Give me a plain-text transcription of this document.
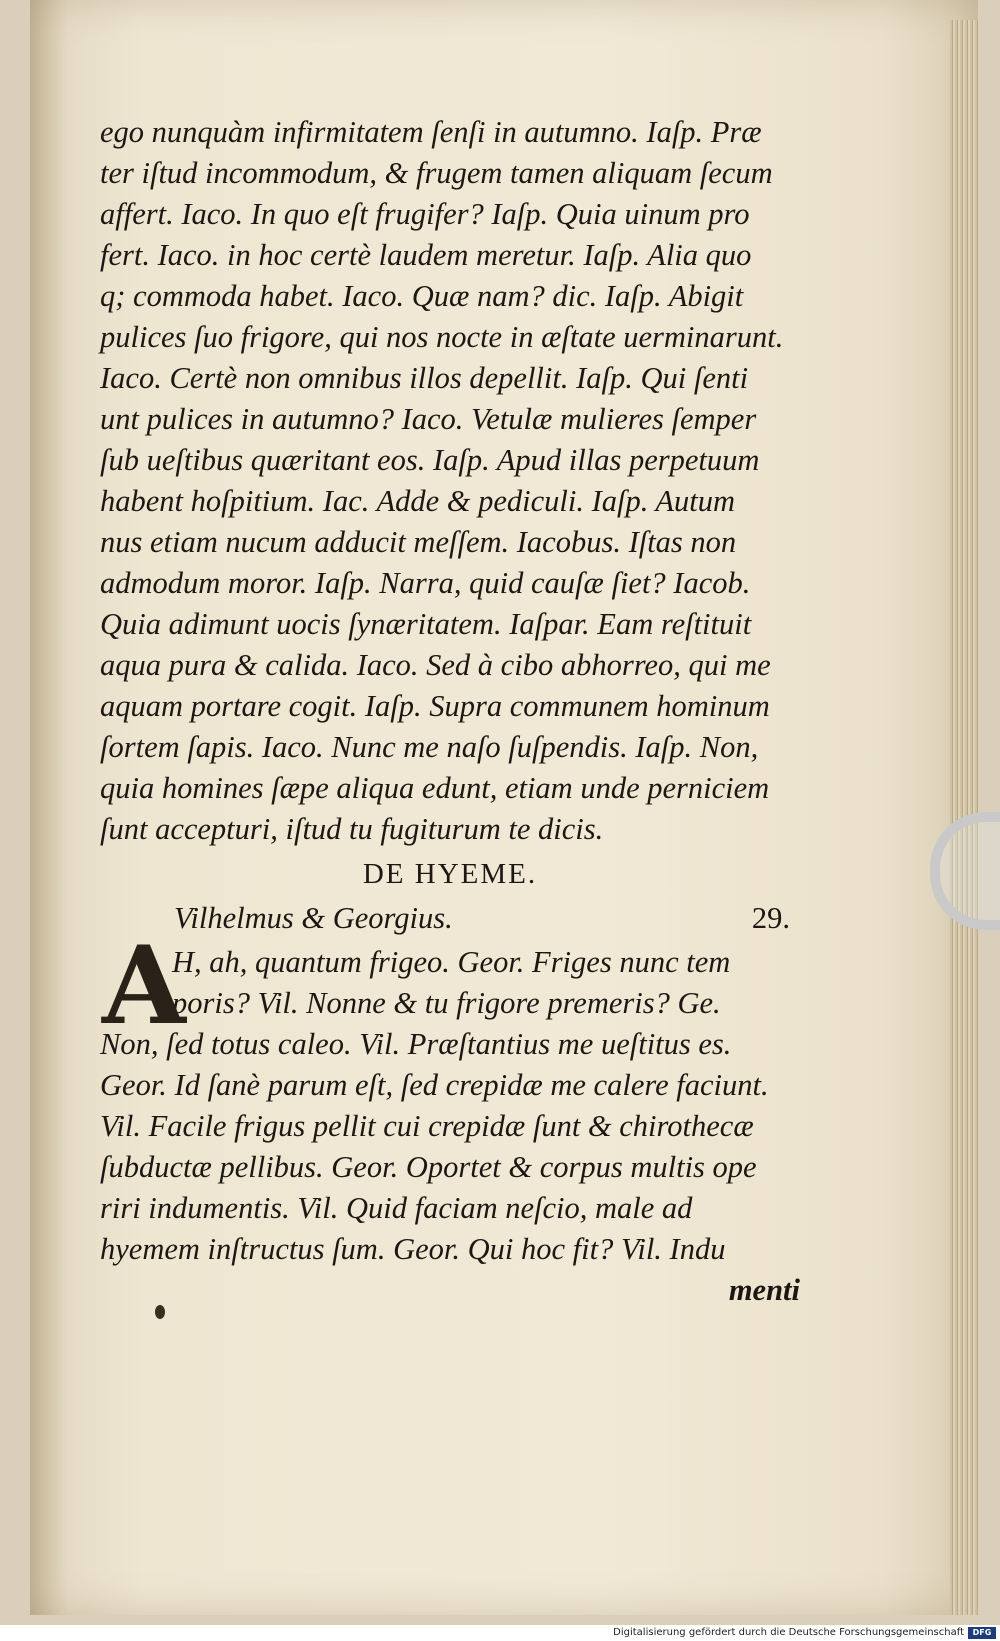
ego nunquàm infirmitatem ſenſi in autumno. Iaſp. Præ
ter iſtud incommodum, & frugem tamen aliquam ſecum
affert. Iaco. In quo eſt frugifer? Iaſp. Quia uinum pro
fert. Iaco. in hoc certè laudem meretur. Iaſp. Alia quo
q; commoda habet. Iaco. Quæ nam? dic. Iaſp. Abigit
pulices ſuo frigore, qui nos nocte in æſtate uerminarunt.
Iaco. Certè non omnibus illos depellit. Iaſp. Qui ſenti
unt pulices in autumno? Iaco. Vetulæ mulieres ſemper
ſub ueſtibus quæritant eos. Iaſp. Apud illas perpetuum
habent hoſpitium. Iac. Adde & pediculi. Iaſp. Autum
nus etiam nucum adducit meſſem. Iacobus. Iſtas non
admodum moror. Iaſp. Narra, quid cauſæ ſiet? Iacob.
Quia adimunt uocis ſynæritatem. Iaſpar. Eam reſtituit
aqua pura & calida. Iaco. Sed à cibo abhorreo, qui me
aquam portare cogit. Iaſp. Supra communem hominum
ſortem ſapis. Iaco. Nunc me naſo ſuſpendis. Iaſp. Non,
quia homines ſæpe aliqua edunt, etiam unde perniciem
ſunt accepturi, iſtud tu fugiturum te dicis.
DE HYEME.
Vilhelmus & Georgius.	29.
A
H, ah, quantum frigeo. Geor. Friges nunc tem
poris? Vil. Nonne & tu frigore premeris? Ge.
Non, ſed totus caleo. Vil. Præſtantius me ueſtitus es.
Geor. Id ſanè parum eſt, ſed crepidæ me calere faciunt.
Vil. Facile frigus pellit cui crepidæ ſunt & chirothecæ
ſubductæ pellibus. Geor. Oportet & corpus multis ope
riri indumentis. Vil. Quid faciam neſcio, male ad
hyemem inſtructus ſum. Geor. Qui hoc fit? Vil. Indu
menti
Digitalisierung gefördert durch die Deutsche Forschungsgemeinschaft	DFG
